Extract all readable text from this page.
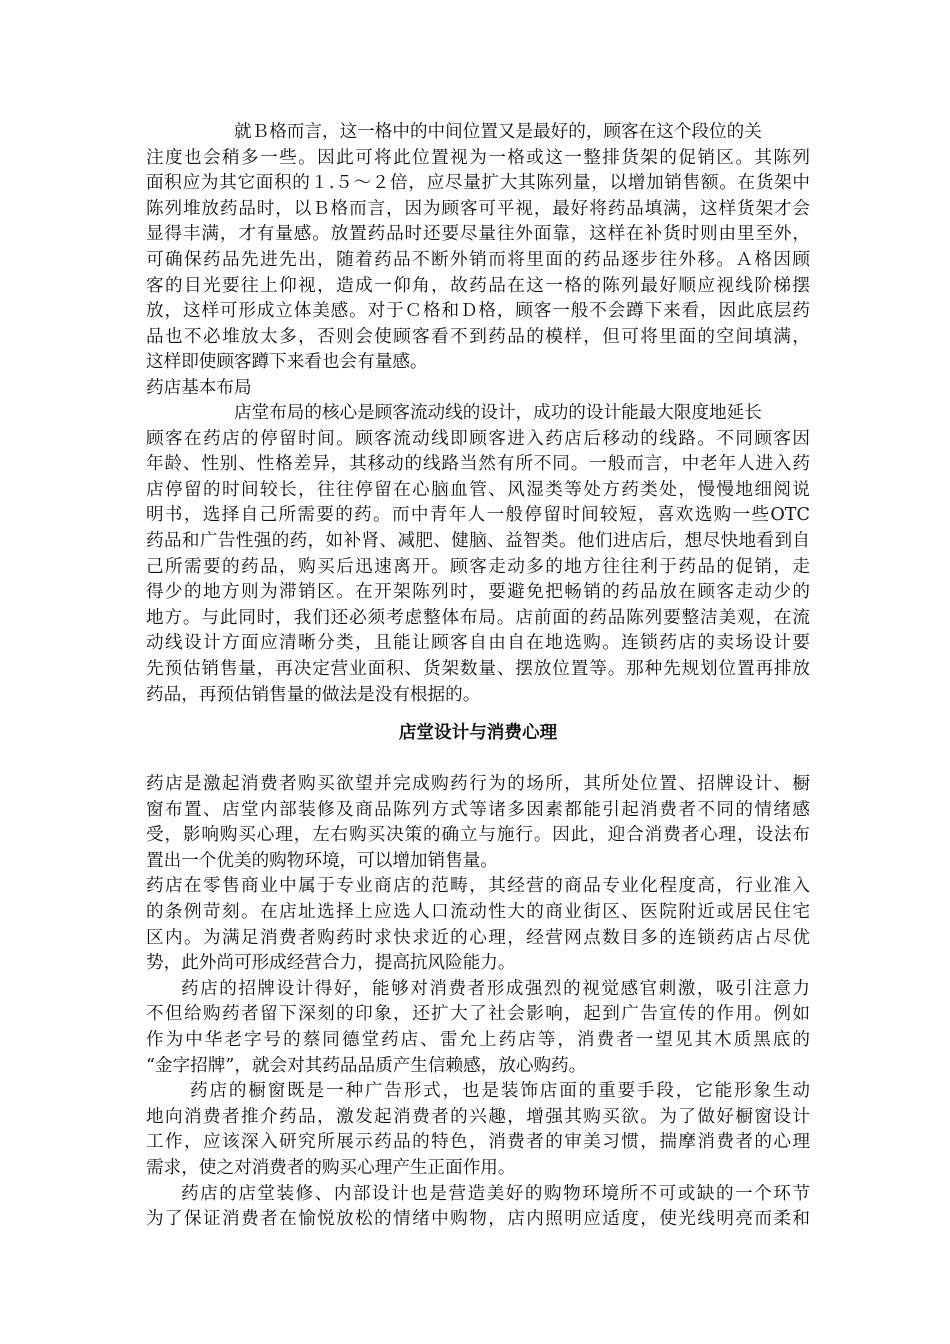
就Ｂ格而言，这一格中的中间位置又是最好的，顾客在这个段位的关
注度也会稍多一些。因此可将此位置视为一格或这一整排货架的促销区。其陈列
面积应为其它面积的１.５～２倍，应尽量扩大其陈列量，以增加销售额。在货架中
陈列堆放药品时，以Ｂ格而言，因为顾客可平视，最好将药品填满，这样货架才会
显得丰满，才有量感。放置药品时还要尽量往外面靠，这样在补货时则由里至外，
可确保药品先进先出，随着药品不断外销而将里面的药品逐步往外移。Ａ格因顾
客的目光要往上仰视，造成一仰角，故药品在这一格的陈列最好顺应视线阶梯摆
放，这样可形成立体美感。对于Ｃ格和Ｄ格，顾客一般不会蹲下来看，因此底层药
品也不必堆放太多，否则会使顾客看不到药品的模样，但可将里面的空间填满，
这样即使顾客蹲下来看也会有量感。
药店基本布局
店堂布局的核心是顾客流动线的设计，成功的设计能最大限度地延长
顾客在药店的停留时间。顾客流动线即顾客进入药店后移动的线路。不同顾客因
年龄、性别、性格差异，其移动的线路当然有所不同。一般而言，中老年人进入药
店停留的时间较长，往往停留在心脑血管、风湿类等处方药类处，慢慢地细阅说
明书，选择自己所需要的药。而中青年人一般停留时间较短，喜欢选购一些OTC
药品和广告性强的药，如补肾、减肥、健脑、益智类。他们进店后，想尽快地看到自
己所需要的药品，购买后迅速离开。顾客走动多的地方往往利于药品的促销，走
得少的地方则为滞销区。在开架陈列时，要避免把畅销的药品放在顾客走动少的
地方。与此同时，我们还必须考虑整体布局。店前面的药品陈列要整洁美观，在流
动线设计方面应清晰分类，且能让顾客自由自在地选购。连锁药店的卖场设计要
先预估销售量，再决定营业面积、货架数量、摆放位置等。那种先规划位置再排放
药品，再预估销售量的做法是没有根据的。
店堂设计与消费心理
药店是激起消费者购买欲望并完成购药行为的场所，其所处位置、招牌设计、橱
窗布置、店堂内部装修及商品陈列方式等诸多因素都能引起消费者不同的情绪感
受，影响购买心理，左右购买决策的确立与施行。因此，迎合消费者心理，设法布
置出一个优美的购物环境，可以增加销售量。
药店在零售商业中属于专业商店的范畴，其经营的商品专业化程度高，行业准入
的条例苛刻。在店址选择上应选人口流动性大的商业街区、医院附近或居民住宅
区内。为满足消费者购药时求快求近的心理，经营网点数目多的连锁药店占尽优
势，此外尚可形成经营合力，提高抗风险能力。
药店的招牌设计得好，能够对消费者形成强烈的视觉感官刺激，吸引注意力
不但给购药者留下深刻的印象，还扩大了社会影响，起到广告宣传的作用。例如
作为中华老字号的蔡同德堂药店、雷允上药店等，消费者一望见其木质黑底的
“金字招牌”，就会对其药品品质产生信赖感，放心购药。
药店的橱窗既是一种广告形式，也是装饰店面的重要手段，它能形象生动
地向消费者推介药品，激发起消费者的兴趣，增强其购买欲。为了做好橱窗设计
工作，应该深入研究所展示药品的特色，消费者的审美习惯，揣摩消费者的心理
需求，使之对消费者的购买心理产生正面作用。
药店的店堂装修、内部设计也是营造美好的购物环境所不可或缺的一个环节
为了保证消费者在愉悦放松的情绪中购物，店内照明应适度，使光线明亮而柔和
